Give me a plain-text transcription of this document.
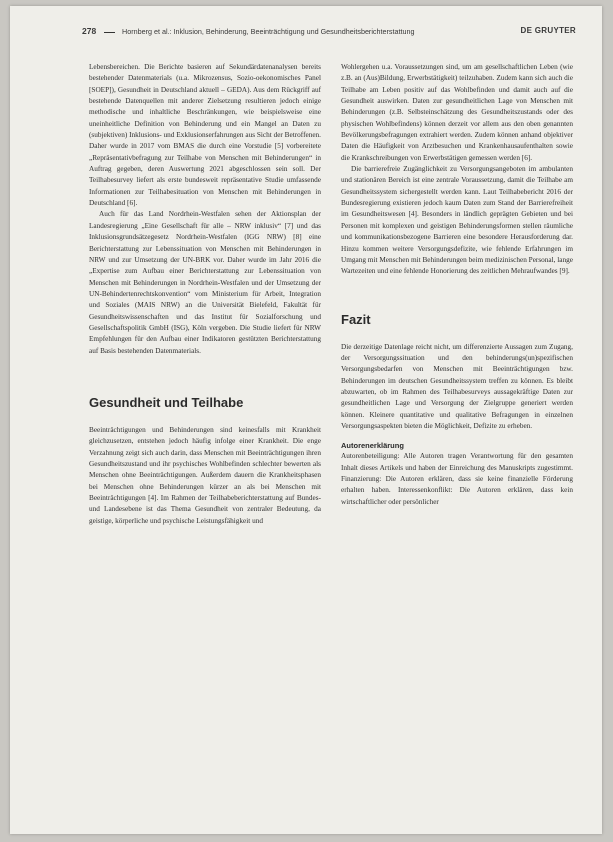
278	Hornberg et al.: Inklusion, Behinderung, Beeinträchtigung und Gesundheitsberichterstattung	DE GRUYTER

Lebensbereichen. Die Berichte basieren auf Sekundärdatenanalysen bereits bestehender Datenmaterials (u.a. Mikrozensus, Sozio-oekonomisches Panel [SOEP]), Gesundheit in Deutschland aktuell – GEDA). Aus dem Rückgriff auf bestehende Datenquellen mit anderer Zielsetzung resultieren jedoch einige methodische und inhaltliche Beschränkungen, wie beispielsweise eine uneinheitliche Definition von Behinderung und ein Mangel an Daten zu (subjektiven) Inklusions- und Exklusionserfahrungen aus Sicht der Betroffenen. Daher wurde in 2017 vom BMAS die durch eine Vorstudie [5] vorbereitete „Repräsentativbefragung zur Teilhabe von Menschen mit Behinderungen“ in Auftrag gegeben, deren Auswertung 2021 abgeschlossen sein soll. Der Teilhabesurvey liefert als erste bundesweit repräsentative Studie umfassende Informationen zur Teilhabesituation von Menschen mit Behinderungen in Deutschland [6].

Auch für das Land Nordrhein-Westfalen sehen der Aktionsplan der Landesregierung „Eine Gesellschaft für alle – NRW inklusiv“ [7] und das Inklusionsgrundsätzegesetz Nordrhein-Westfalen (IGG NRW) [8] eine Berichterstattung zur Lebenssituation von Menschen mit Behinderungen in NRW und zur Umsetzung der UN-BRK vor. Daher wurde im Jahr 2016 die „Expertise zum Aufbau einer Berichterstattung zur Lebenssituation von Menschen mit Behinderungen in Nordrhein-Westfalen und der Umsetzung der UN-Behindertenrechtskonvention“ vom Ministerium für Arbeit, Integration und Soziales (MAIS NRW) an die Universität Bielefeld, Fakultät für Gesundheitswissenschaften und das Institut für Sozialforschung und Gesellschaftspolitik GmbH (ISG), Köln vergeben. Die Studie liefert für NRW Empfehlungen für den Aufbau einer Indikatoren gestützten Berichterstattung auf Basis bestehenden Datenmaterials.

Gesundheit und Teilhabe

Beeinträchtigungen und Behinderungen sind keinesfalls mit Krankheit gleichzusetzen, entstehen jedoch häufig infolge einer Krankheit. Die enge Verzahnung zeigt sich auch darin, dass Menschen mit Beeinträchtigungen ihren Gesundheitszustand und ihr psychisches Wohlbefinden schlechter bewerten als Menschen ohne Beeinträchtigungen. Außerdem dauern die Krankheitsphasen bei Menschen ohne Behinderungen kürzer an als bei Menschen mit Beeinträchtigungen [4]. Im Rahmen der Teilhabeberichterstattung auf Bundes- und Landesebene ist das Thema Gesundheit von zentraler Bedeutung, da geistige, körperliche und psychische Leistungsfähigkeit und

Wohlergehen u.a. Voraussetzungen sind, um am gesellschaftlichen Leben (wie z.B. an (Aus)Bildung, Erwerbstätigkeit) teilzuhaben. Zudem kann sich auch die Teilhabe am Leben positiv auf das Wohlbefinden und damit auch auf die Gesundheit auswirken. Daten zur gesundheitlichen Lage von Menschen mit Behinderungen (z.B. Selbsteinschätzung des Gesundheitszustands oder des physischen Wohlbefindens) können derzeit vor allem aus den oben genannten Bevölkerungsbefragungen extrahiert werden. Zudem können anhand objektiver Daten die Häufigkeit von Arztbesuchen und Krankenhausaufenthalten sowie die Krankschreibungen von Erwerbstätigen gemessen werden [6].

Die barrierefreie Zugänglichkeit zu Versorgungsangeboten im ambulanten und stationären Bereich ist eine zentrale Voraussetzung, damit die Teilhabe am Gesundheitssystem sichergestellt werden kann. Laut Teilhabebericht 2016 der Bundesregierung existieren jedoch kaum Daten zum Stand der Barrierefreiheit im Gesundheitswesen [4]. Besonders in ländlich geprägten Gebieten und bei Personen mit komplexen und geistigen Behinderungsformen stellen räumliche und kommunikationsbezogene Barrieren eine besondere Herausforderung dar. Hinzu kommen weitere Versorgungsdefizite, wie fehlende Erfahrungen im Umgang mit Menschen mit Behinderungen beim medizinischen Personal, lange Wartezeiten und eine fehlende Honorierung des zeitlichen Mehraufwandes [9].

Fazit

Die derzeitige Datenlage reicht nicht, um differenzierte Aussagen zum Zugang, der Versorgungssituation und den behinderungs(un)spezifischen Versorgungsbedarfen von Menschen mit Beeinträchtigungen bzw. Behinderungen im deutschen Gesundheitssystem treffen zu können. Es bleibt abzuwarten, ob im Rahmen des Teilhabesurveys aussagekräftige Daten zur gesundheitlichen Lage und Versorgung der Zielgruppe generiert werden können. Kleinere quantitative und qualitative Befragungen in einzelnen Versorgungsaspekten bieten die Möglichkeit, Defizite zu erheben.

Autorenerklärung

Autorenbeteiligung: Alle Autoren tragen Verantwortung für den gesamten Inhalt dieses Artikels und haben der Einreichung des Manuskripts zugestimmt. Finanzierung: Die Autoren erklären, dass sie keine finanzielle Förderung erhalten haben. Interessenkonflikt: Die Autoren erklären, dass kein wirtschaftlicher oder persönlicher
